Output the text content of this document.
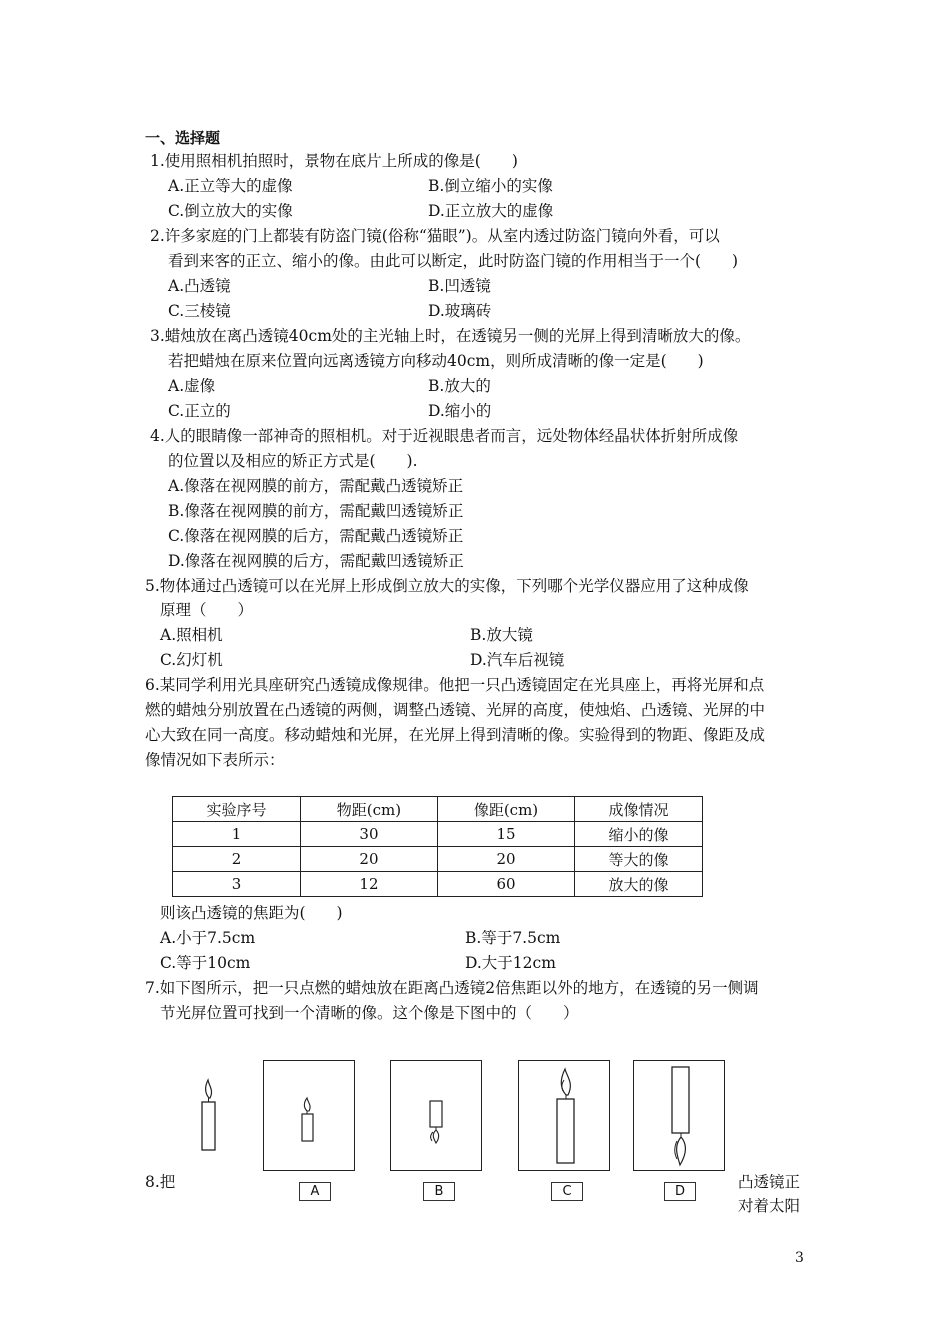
一、选择题
1.使用照相机拍照时，景物在底片上所成的像是(　　)
A.正立等大的虚像	B.倒立缩小的实像
C.倒立放大的实像	D.正立放大的虚像
2.许多家庭的门上都装有防盗门镜(俗称“猫眼”)。从室内透过防盗门镜向外看，可以
看到来客的正立、缩小的像。由此可以断定，此时防盗门镜的作用相当于一个(　　)
A.凸透镜	B.凹透镜
C.三棱镜	D.玻璃砖
3.蜡烛放在离凸透镜40cm处的主光轴上时，在透镜另一侧的光屏上得到清晰放大的像。
若把蜡烛在原来位置向远离透镜方向移动40cm，则所成清晰的像一定是(　　)
A.虚像	B.放大的
C.正立的	D.缩小的
4.人的眼睛像一部神奇的照相机。对于近视眼患者而言，远处物体经晶状体折射所成像
的位置以及相应的矫正方式是(　　).
A.像落在视网膜的前方，需配戴凸透镜矫正
B.像落在视网膜的前方，需配戴凹透镜矫正
C.像落在视网膜的后方，需配戴凸透镜矫正
D.像落在视网膜的后方，需配戴凹透镜矫正
5.物体通过凸透镜可以在光屏上形成倒立放大的实像，下列哪个光学仪器应用了这种成像
原理（　　）
A.照相机	B.放大镜
C.幻灯机	D.汽车后视镜
6.某同学利用光具座研究凸透镜成像规律。他把一只凸透镜固定在光具座上，再将光屏和点
燃的蜡烛分别放置在凸透镜的两侧，调整凸透镜、光屏的高度，使烛焰、凸透镜、光屏的中
心大致在同一高度。移动蜡烛和光屏，在光屏上得到清晰的像。实验得到的物距、像距及成
像情况如下表所示：
实验序号	物距(cm)	像距(cm)	成像情况
1	30	15	缩小的像
2	20	20	等大的像
3	12	60	放大的像
则该凸透镜的焦距为(　　)
A.小于7.5cm	B.等于7.5cm
C.等于10cm	D.大于12cm
7.如下图所示，把一只点燃的蜡烛放在距离凸透镜2倍焦距以外的地方，在透镜的另一侧调
节光屏位置可找到一个清晰的像。这个像是下图中的（　　）
A	B	C	D
8.把	凸透镜正
对着太阳
3
